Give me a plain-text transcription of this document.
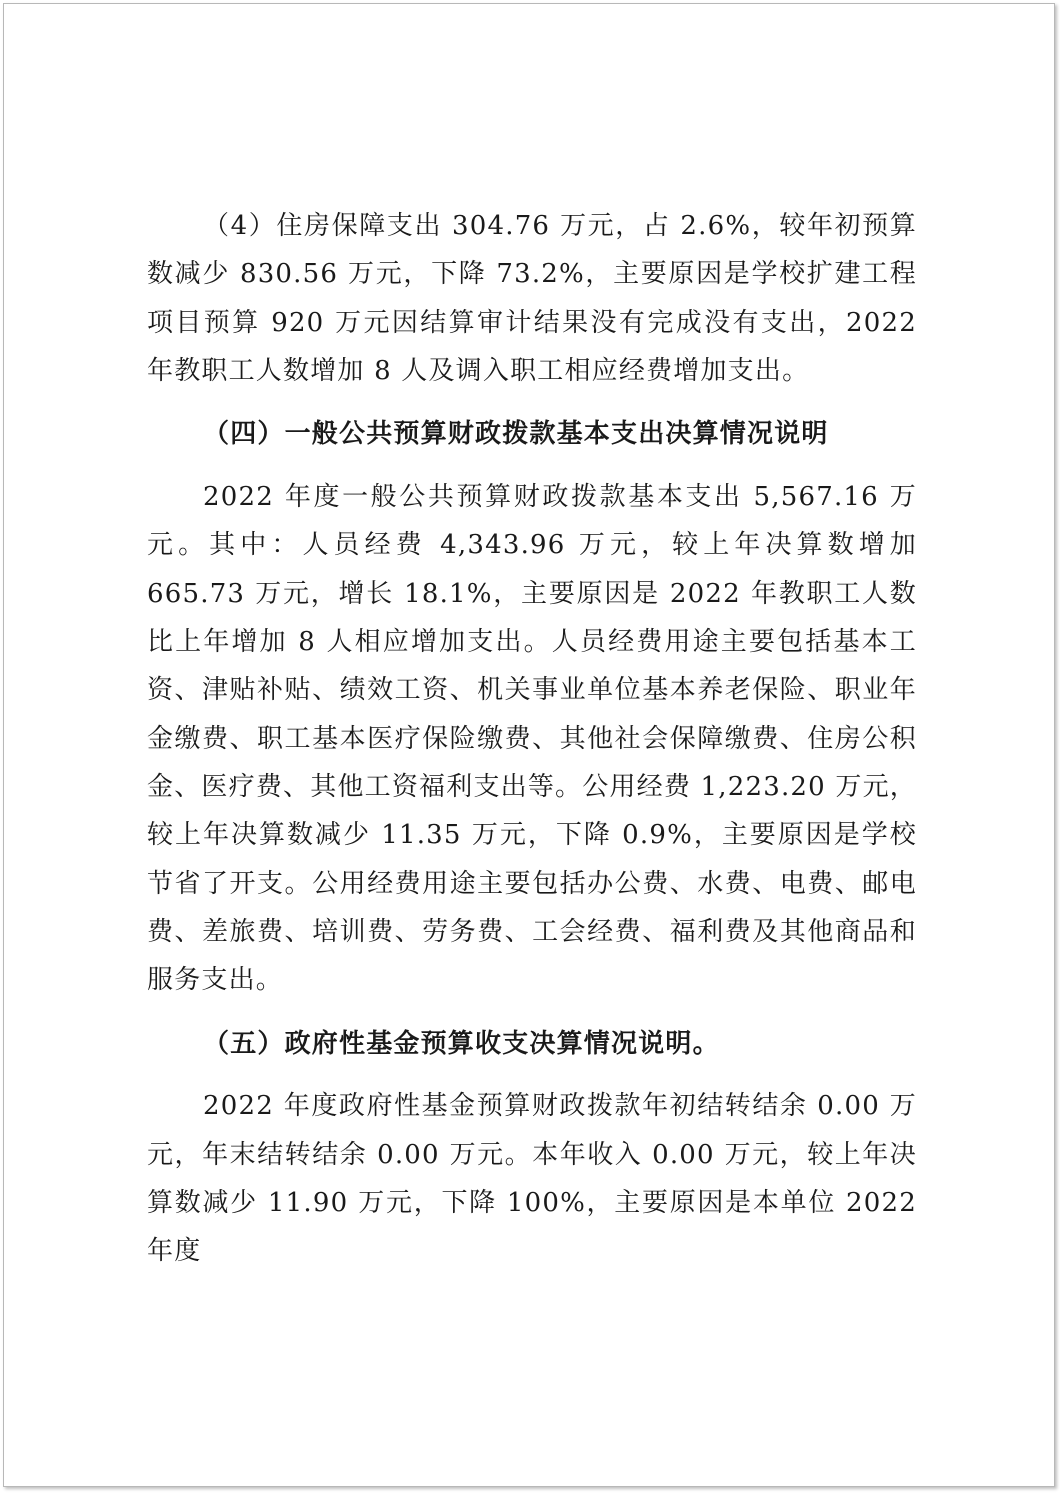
（4）住房保障支出 304.76 万元，占 2.6%，较年初预算数减少 830.56 万元，下降 73.2%，主要原因是学校扩建工程项目预算 920 万元因结算审计结果没有完成没有支出，2022 年教职工人数增加 8 人及调入职工相应经费增加支出。

（四）一般公共预算财政拨款基本支出决算情况说明

2022 年度一般公共预算财政拨款基本支出 5,567.16 万元。其中：人员经费 4,343.96 万元，较上年决算数增加 665.73 万元，增长 18.1%，主要原因是 2022 年教职工人数比上年增加 8 人相应增加支出。人员经费用途主要包括基本工资、津贴补贴、绩效工资、机关事业单位基本养老保险、职业年金缴费、职工基本医疗保险缴费、其他社会保障缴费、住房公积金、医疗费、其他工资福利支出等。公用经费 1,223.20 万元，较上年决算数减少 11.35 万元，下降 0.9%，主要原因是学校节省了开支。公用经费用途主要包括办公费、水费、电费、邮电费、差旅费、培训费、劳务费、工会经费、福利费及其他商品和服务支出。

（五）政府性基金预算收支决算情况说明。

2022 年度政府性基金预算财政拨款年初结转结余 0.00 万元，年末结转结余 0.00 万元。本年收入 0.00 万元，较上年决算数减少 11.90 万元，下降 100%，主要原因是本单位 2022 年度
